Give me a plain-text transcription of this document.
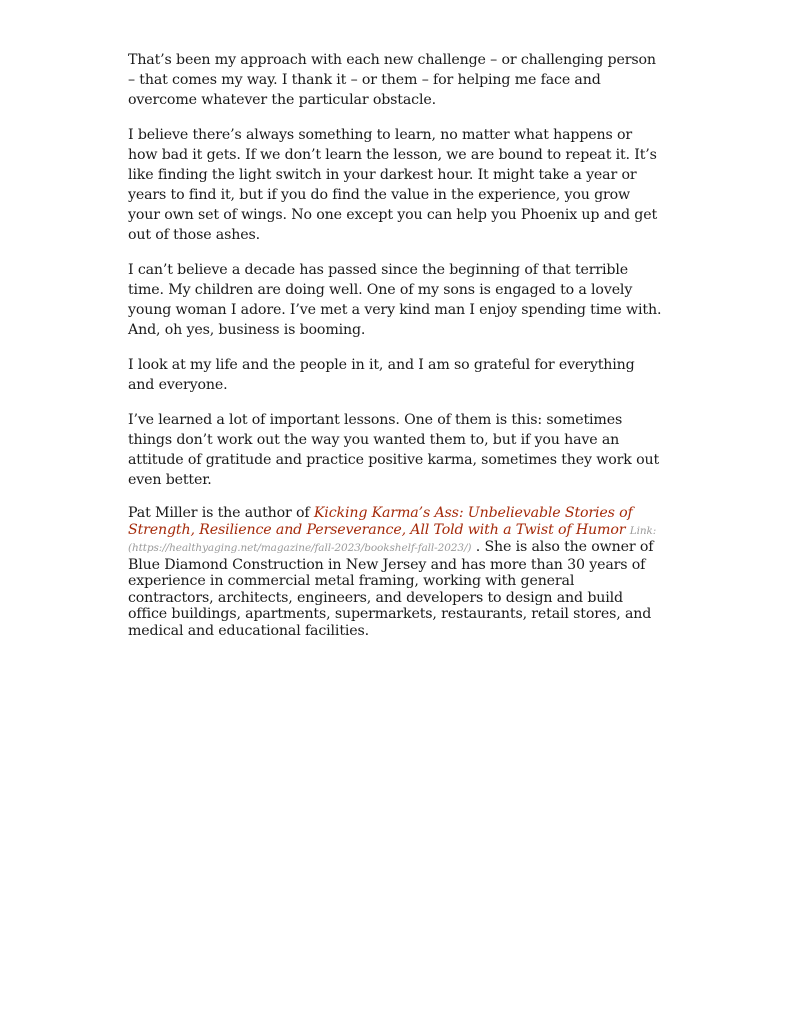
That’s been my approach with each new challenge – or challenging person – that comes my way. I thank it – or them – for helping me face and overcome whatever the particular obstacle.

I believe there’s always something to learn, no matter what happens or how bad it gets. If we don’t learn the lesson, we are bound to repeat it. It’s like finding the light switch in your darkest hour. It might take a year or years to find it, but if you do find the value in the experience, you grow your own set of wings. No one except you can help you Phoenix up and get out of those ashes.

I can’t believe a decade has passed since the beginning of that terrible time. My children are doing well. One of my sons is engaged to a lovely young woman I adore. I’ve met a very kind man I enjoy spending time with. And, oh yes, business is booming.

I look at my life and the people in it, and I am so grateful for everything and everyone.

I’ve learned a lot of important lessons. One of them is this: sometimes things don’t work out the way you wanted them to, but if you have an attitude of gratitude and practice positive karma, sometimes they work out even better.

Pat Miller is the author of Kicking Karma’s Ass: Unbelievable Stories of Strength, Resilience and Perseverance, All Told with a Twist of Humor Link: (https://healthyaging.net/magazine/fall-2023/bookshelf-fall-2023/) . She is also the owner of Blue Diamond Construction in New Jersey and has more than 30 years of experience in commercial metal framing, working with general contractors, architects, engineers, and developers to design and build office buildings, apartments, supermarkets, restaurants, retail stores, and medical and educational facilities.
